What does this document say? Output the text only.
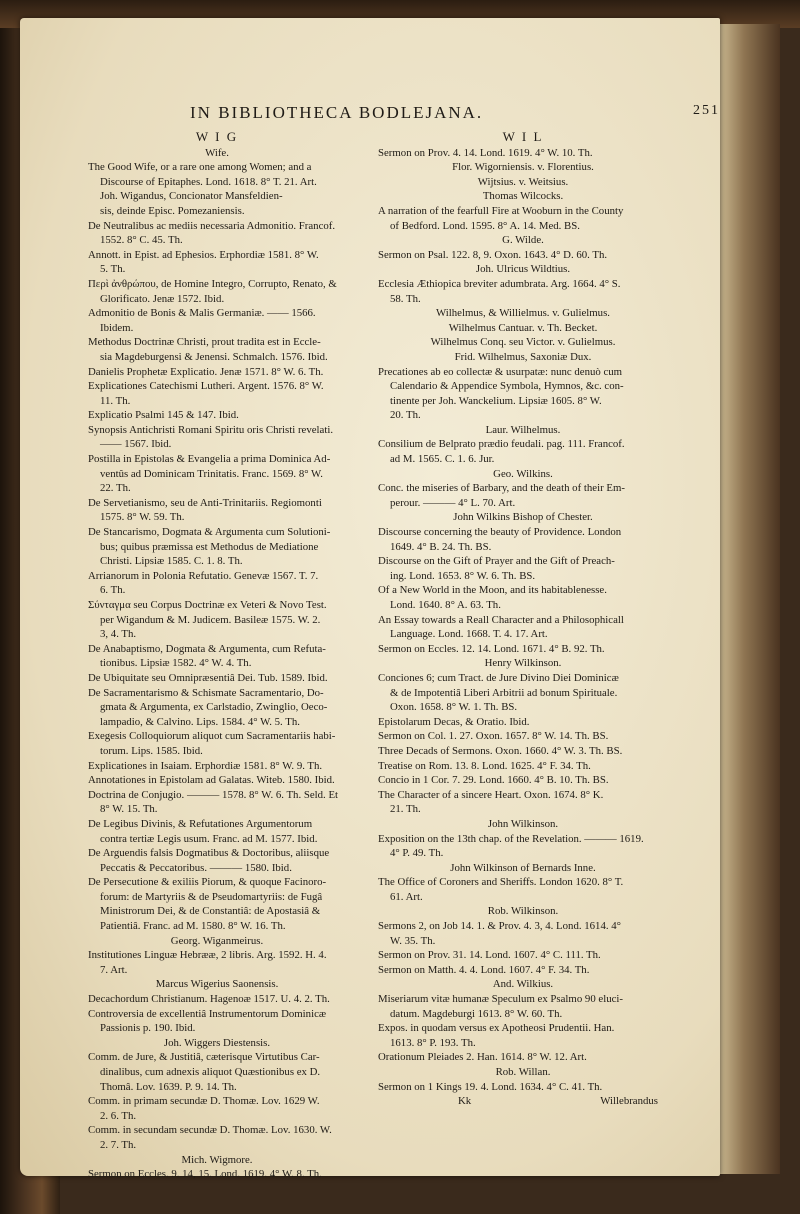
IN BIBLIOTHECA BODLEJANA.	251
W I G
Wife.
The Good Wife, or a rare one among Women; and a
Discourse of Epitaphes. Lond. 1618. 8° T. 21. Art.
Joh. Wigandus, Concionator Mansfeldien-
sis, deinde Episc. Pomezaniensis.
De Neutralibus ac mediis necessaria Admonitio. Francof.
1552. 8° C. 45. Th.
Annott. in Epist. ad Ephesios. Erphordiæ 1581. 8° W.
5. Th.
Περὶ ἀνθρώπου, de Homine Integro, Corrupto, Renato, &
Glorificato. Jenæ 1572. Ibid.
Admonitio de Bonis & Malis Germaniæ. —— 1566.
Ibidem.
Methodus Doctrinæ Christi, prout tradita est in Eccle-
sia Magdeburgensi & Jenensi. Schmalch. 1576. Ibid.
Danielis Prophetæ Explicatio. Jenæ 1571. 8° W. 6. Th.
Explicationes Catechismi Lutheri. Argent. 1576. 8° W.
11. Th.
Explicatio Psalmi 145 & 147. Ibid.
Synopsis Antichristi Romani Spiritu oris Christi revelati.
—— 1567. Ibid.
Postilla in Epistolas & Evangelia a prima Dominica Ad-
ventûs ad Dominicam Trinitatis. Franc. 1569. 8° W.
22. Th.
De Servetianismo, seu de Anti-Trinitariis. Regiomonti
1575. 8° W. 59. Th.
De Stancarismo, Dogmata & Argumenta cum Solutioni-
bus; quibus præmissa est Methodus de Mediatione
Christi. Lipsiæ 1585. C. 1. 8. Th.
Arrianorum in Polonia Refutatio. Genevæ 1567. T. 7.
6. Th.
Σύνταγμα seu Corpus Doctrinæ ex Veteri & Novo Test.
per Wigandum & M. Judicem. Basileæ 1575. W. 2.
3, 4. Th.
De Anabaptismo, Dogmata & Argumenta, cum Refuta-
tionibus. Lipsiæ 1582. 4° W. 4. Th.
De Ubiquitate seu Omnipræsentiâ Dei. Tub. 1589. Ibid.
De Sacramentarismo & Schismate Sacramentario, Do-
gmata & Argumenta, ex Carlstadio, Zwinglio, Oeco-
lampadio, & Calvino. Lips. 1584. 4° W. 5. Th.
Exegesis Colloquiorum aliquot cum Sacramentariis habi-
torum. Lips. 1585. Ibid.
Explicationes in Isaiam. Erphordiæ 1581. 8° W. 9. Th.
Annotationes in Epistolam ad Galatas. Witeb. 1580. Ibid.
Doctrina de Conjugio. ——— 1578. 8° W. 6. Th. Seld. Et
8° W. 15. Th.
De Legibus Divinis, & Refutationes Argumentorum
contra tertiæ Legis usum. Franc. ad M. 1577. Ibid.
De Arguendis falsis Dogmatibus & Doctoribus, aliisque
Peccatis & Peccatoribus. ——— 1580. Ibid.
De Persecutione & exiliis Piorum, & quoque Facinoro-
forum: de Martyriis & de Pseudomartyriis: de Fugâ
Ministrorum Dei, & de Constantiâ: de Apostasiâ &
Patientiâ. Franc. ad M. 1580. 8° W. 16. Th.
Georg. Wiganmeirus.
Institutiones Linguæ Hebrææ, 2 libris. Arg. 1592. H. 4.
7. Art.
Marcus Wigerius Saonensis.
Decachordum Christianum. Hagenoæ 1517. U. 4. 2. Th.
Controversia de excellentiâ Instrumentorum Dominicæ
Passionis p. 190. Ibid.
Joh. Wiggers Diestensis.
Comm. de Jure, & Justitiâ, cæterisque Virtutibus Car-
dinalibus, cum adnexis aliquot Quæstionibus ex D.
Thomâ. Lov. 1639. P. 9. 14. Th.
Comm. in primam secundæ D. Thomæ. Lov. 1629 W.
2. 6. Th.
Comm. in secundam secundæ D. Thomæ. Lov. 1630. W.
2. 7. Th.
Mich. Wigmore.
Sermon on Eccles. 9. 14, 15. Lond. 1619. 4° W. 8. Th.
W I L
Sermon on Prov. 4. 14. Lond. 1619. 4° W. 10. Th.
Flor. Wigorniensis. v. Florentius.
Wijtsius. v. Weitsius.
Thomas Wilcocks.
A narration of the fearfull Fire at Wooburn in the County
of Bedford. Lond. 1595. 8° A. 14. Med. BS.
G. Wilde.
Sermon on Psal. 122. 8, 9. Oxon. 1643. 4° D. 60. Th.
Joh. Ulricus Wildtius.
Ecclesia Æthiopica breviter adumbrata. Arg. 1664. 4° S.
58. Th.
Wilhelmus, & Willielmus. v. Gulielmus.
Wilhelmus Cantuar. v. Th. Becket.
Wilhelmus Conq. seu Victor. v. Gulielmus.
Frid. Wilhelmus, Saxoniæ Dux.
Precationes ab eo collectæ & usurpatæ: nunc denuò cum
Calendario & Appendice Symbola, Hymnos, &c. con-
tinente per Joh. Wanckelium. Lipsiæ 1605. 8° W.
20. Th.
Laur. Wilhelmus.
Consilium de Belprato prædio feudali. pag. 111. Francof.
ad M. 1565. C. 1. 6. Jur.
Geo. Wilkins.
Conc. the miseries of Barbary, and the death of their Em-
perour. ——— 4° L. 70. Art.
John Wilkins Bishop of Chester.
Discourse concerning the beauty of Providence. London
1649. 4° B. 24. Th. BS.
Discourse on the Gift of Prayer and the Gift of Preach-
ing. Lond. 1653. 8° W. 6. Th. BS.
Of a New World in the Moon, and its habitablenesse.
Lond. 1640. 8° A. 63. Th.
An Essay towards a Reall Character and a Philosophicall
Language. Lond. 1668. T. 4. 17. Art.
Sermon on Eccles. 12. 14. Lond. 1671. 4° B. 92. Th.
Henry Wilkinson.
Conciones 6; cum Tract. de Jure Divino Diei Dominicæ
& de Impotentiâ Liberi Arbitrii ad bonum Spirituale.
Oxon. 1658. 8° W. 1. Th. BS.
Epistolarum Decas, & Oratio. Ibid.
Sermon on Col. 1. 27. Oxon. 1657. 8° W. 14. Th. BS.
Three Decads of Sermons. Oxon. 1660. 4° W. 3. Th. BS.
Treatise on Rom. 13. 8. Lond. 1625. 4° F. 34. Th.
Concio in 1 Cor. 7. 29. Lond. 1660. 4° B. 10. Th. BS.
The Character of a sincere Heart. Oxon. 1674. 8° K.
21. Th.
John Wilkinson.
Exposition on the 13th chap. of the Revelation. ——— 1619.
4° P. 49. Th.
John Wilkinson of Bernards Inne.
The Office of Coroners and Sheriffs. London 1620. 8° T.
61. Art.
Rob. Wilkinson.
Sermons 2, on Job 14. 1. & Prov. 4. 3, 4. Lond. 1614. 4°
W. 35. Th.
Sermon on Prov. 31. 14. Lond. 1607. 4° C. 111. Th.
Sermon on Matth. 4. 4. Lond. 1607. 4° F. 34. Th.
And. Wilkius.
Miseriarum vitæ humanæ Speculum ex Psalmo 90 eluci-
datum. Magdeburgi 1613. 8° W. 60. Th.
Expos. in quodam versus ex Apotheosi Prudentii. Han.
1613. 8° P. 193. Th.
Orationum Pleiades 2. Han. 1614. 8° W. 12. Art.
Rob. Willan.
Sermon on 1 Kings 19. 4. Lond. 1634. 4° C. 41. Th.
Kk	Willebrandus
